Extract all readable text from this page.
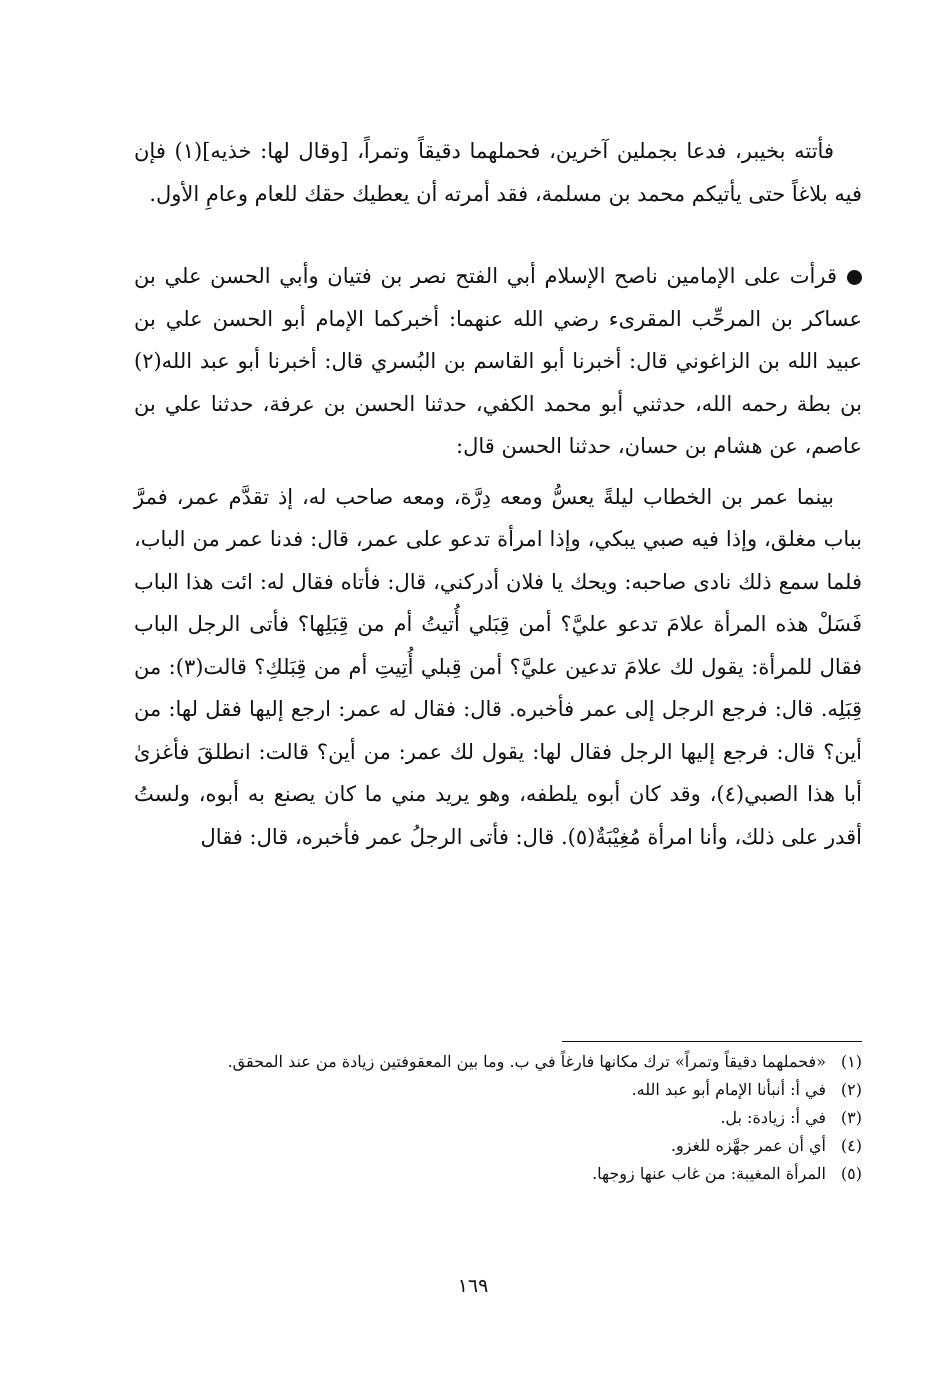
فأتته بخيبر، فدعا بجملين آخرين، فحملهما دقيقاً وتمراً، [وقال لها: خذيه](١) فإن فيه بلاغاً حتى يأتيكم محمد بن مسلمة، فقد أمرته أن يعطيك حقك للعام وعامِ الأول.

قرأت على الإمامين ناصح الإسلام أبي الفتح نصر بن فتيان وأبي الحسن علي بن عساكر بن المرحِّب المقرىء رضي الله عنهما: أخبركما الإمام أبو الحسن علي بن عبيد الله بن الزاغوني قال: أخبرنا أبو القاسم بن البُسري قال: أخبرنا أبو عبد الله(٢) بن بطة رحمه الله، حدثني أبو محمد الكفي، حدثنا الحسن بن عرفة، حدثنا علي بن عاصم، عن هشام بن حسان، حدثنا الحسن قال:

بينما عمر بن الخطاب ليلةً يعسُّ ومعه دِرَّة، ومعه صاحب له، إذ تقدَّم عمر، فمرَّ بباب مغلق، وإذا فيه صبي يبكي، وإذا امرأة تدعو على عمر، قال: فدنا عمر من الباب، فلما سمع ذلك نادى صاحبه: ويحك يا فلان أدركني، قال: فأتاه فقال له: ائت هذا الباب فَسَلْ هذه المرأة علامَ تدعو عليَّ؟ أمن قِبَلي أُتيتُ أم من قِبَلِها؟ فأتى الرجل الباب فقال للمرأة: يقول لك علامَ تدعين عليَّ؟ أمن قِبلي أُتِيتِ أم من قِبَلكِ؟ قالت(٣): من قِبَلِه. قال: فرجع الرجل إلى عمر فأخبره. قال: فقال له عمر: ارجع إليها فقل لها: من أين؟ قال: فرجع إليها الرجل فقال لها: يقول لك عمر: من أين؟ قالت: انطلقَ فأغزىٰ أبا هذا الصبي(٤)، وقد كان أبوه يلطفه، وهو يريد مني ما كان يصنع به أبوه، ولستُ أقدر على ذلك، وأنا امرأة مُغِيْبَةٌ(٥). قال: فأتى الرجلُ عمر فأخبره، قال: فقال

(١)«فحملهما دقيقاً وتمراً» ترك مكانها فارغاً في ب. وما بين المعقوفتين زيادة من عند المحقق.
(٢)في أ: أنبأنا الإمام أبو عبد الله.
(٣)في أ: زيادة: بل.
(٤)أي أن عمر جهَّزه للغزو.
(٥)المرأة المغيبة: من غاب عنها زوجها.
١٦٩
